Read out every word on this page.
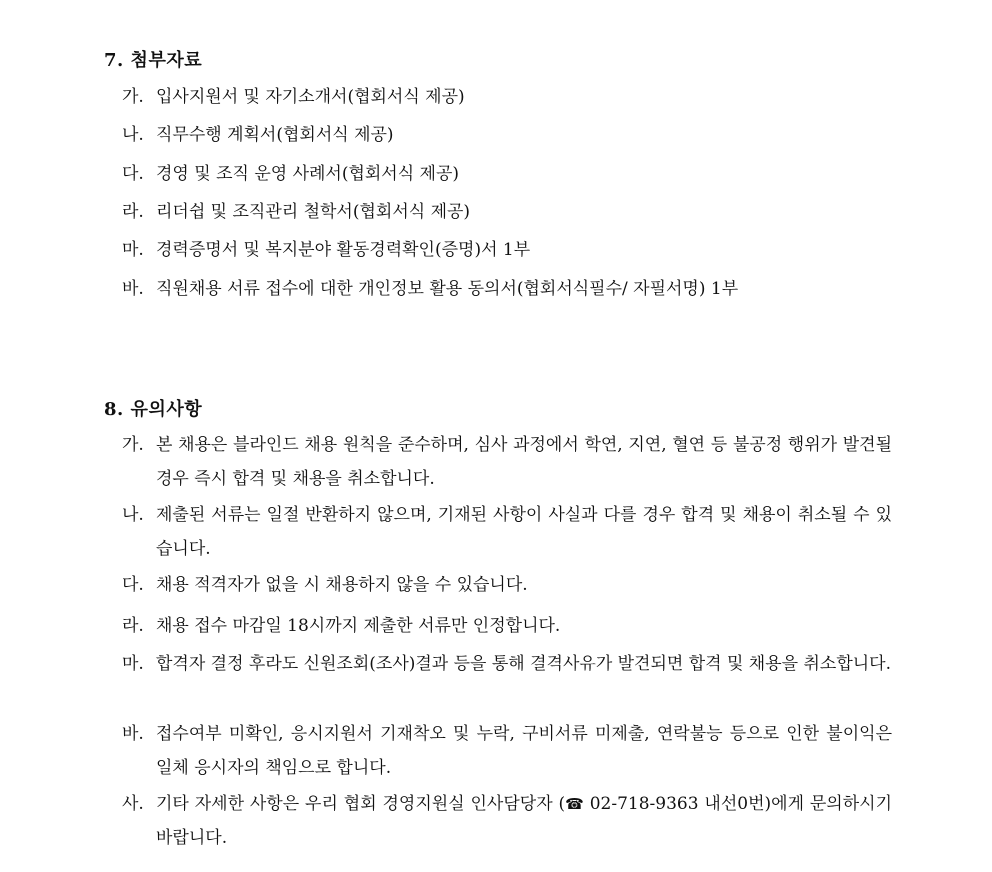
7. 첨부자료
가. 입사지원서 및 자기소개서(협회서식 제공)
나. 직무수행 계획서(협회서식 제공)
다. 경영 및 조직 운영 사례서(협회서식 제공)
라. 리더쉽 및 조직관리 철학서(협회서식 제공)
마. 경력증명서 및 복지분야 활동경력확인(증명)서 1부
바. 직원채용 서류 접수에 대한 개인정보 활용 동의서(협회서식필수/ 자필서명) 1부
8. 유의사항
가. 본 채용은 블라인드 채용 원칙을 준수하며, 심사 과정에서 학연, 지연, 혈연 등 불공정 행위가 발견될 경우 즉시 합격 및 채용을 취소합니다.
나. 제출된 서류는 일절 반환하지 않으며, 기재된 사항이 사실과 다를 경우 합격 및 채용이 취소될 수 있습니다.
다. 채용 적격자가 없을 시 채용하지 않을 수 있습니다.
라. 채용 접수 마감일 18시까지 제출한 서류만 인정합니다.
마. 합격자 결정 후라도 신원조회(조사)결과 등을 통해 결격사유가 발견되면 합격 및 채용을 취소합니다.
바. 접수여부 미확인, 응시지원서 기재착오 및 누락, 구비서류 미제출, 연락불능 등으로 인한 불이익은 일체 응시자의 책임으로 합니다.
사. 기타 자세한 사항은 우리 협회 경영지원실 인사담당자 (☎ 02-718-9363 내선0번)에게 문의하시기 바랍니다.
